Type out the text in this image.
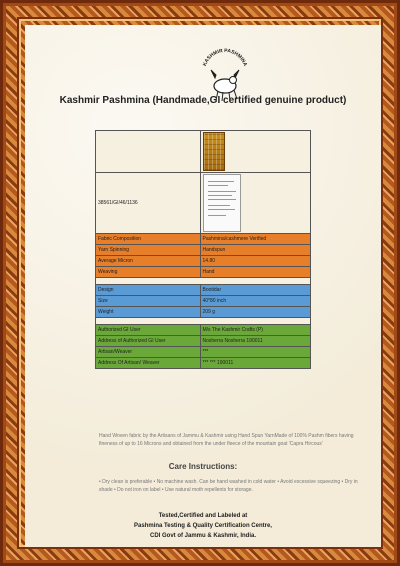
KASHMIR PASHMINA
Kashmir Pashmina (Handmade,GI certified genuine product)

38561/GI/46/1136	

Fabric Composition	Pashmina/cashmere Verified
Yarn Spinning	Handspun
Average Micron	14.80
Weaving	Hand

Design	Bootidar
Size	40*80 inch
Weight	209 g

Authorized GI User	M/s The Kashmir Crafts (P)
Address of Authorized GI User	Nosherra Nosherra 190011
Artisan/Weaver	***
Address Of Artisan/ Weaver	*** *** 190011
Hand Woven fabric by the Artisans of Jammu & Kashmir using Hand Spun YarnMade of 100% Pashm fibers having fineness of up to 16 Microns and obtained from the under fleece of the mountain goat 'Capra Hircous'
Care Instructions:
• Dry clean is preferable • No machine wash. Can be hand washed in cold water • Avoid excessive squeezing • Dry in shade • Do not iron on label • Use natural moth repellents for storage.
Tested,Certified and Labeled at
Pashmina Testing & Quality Certification Centre,
CDI Govt of Jammu & Kashmir, India.
